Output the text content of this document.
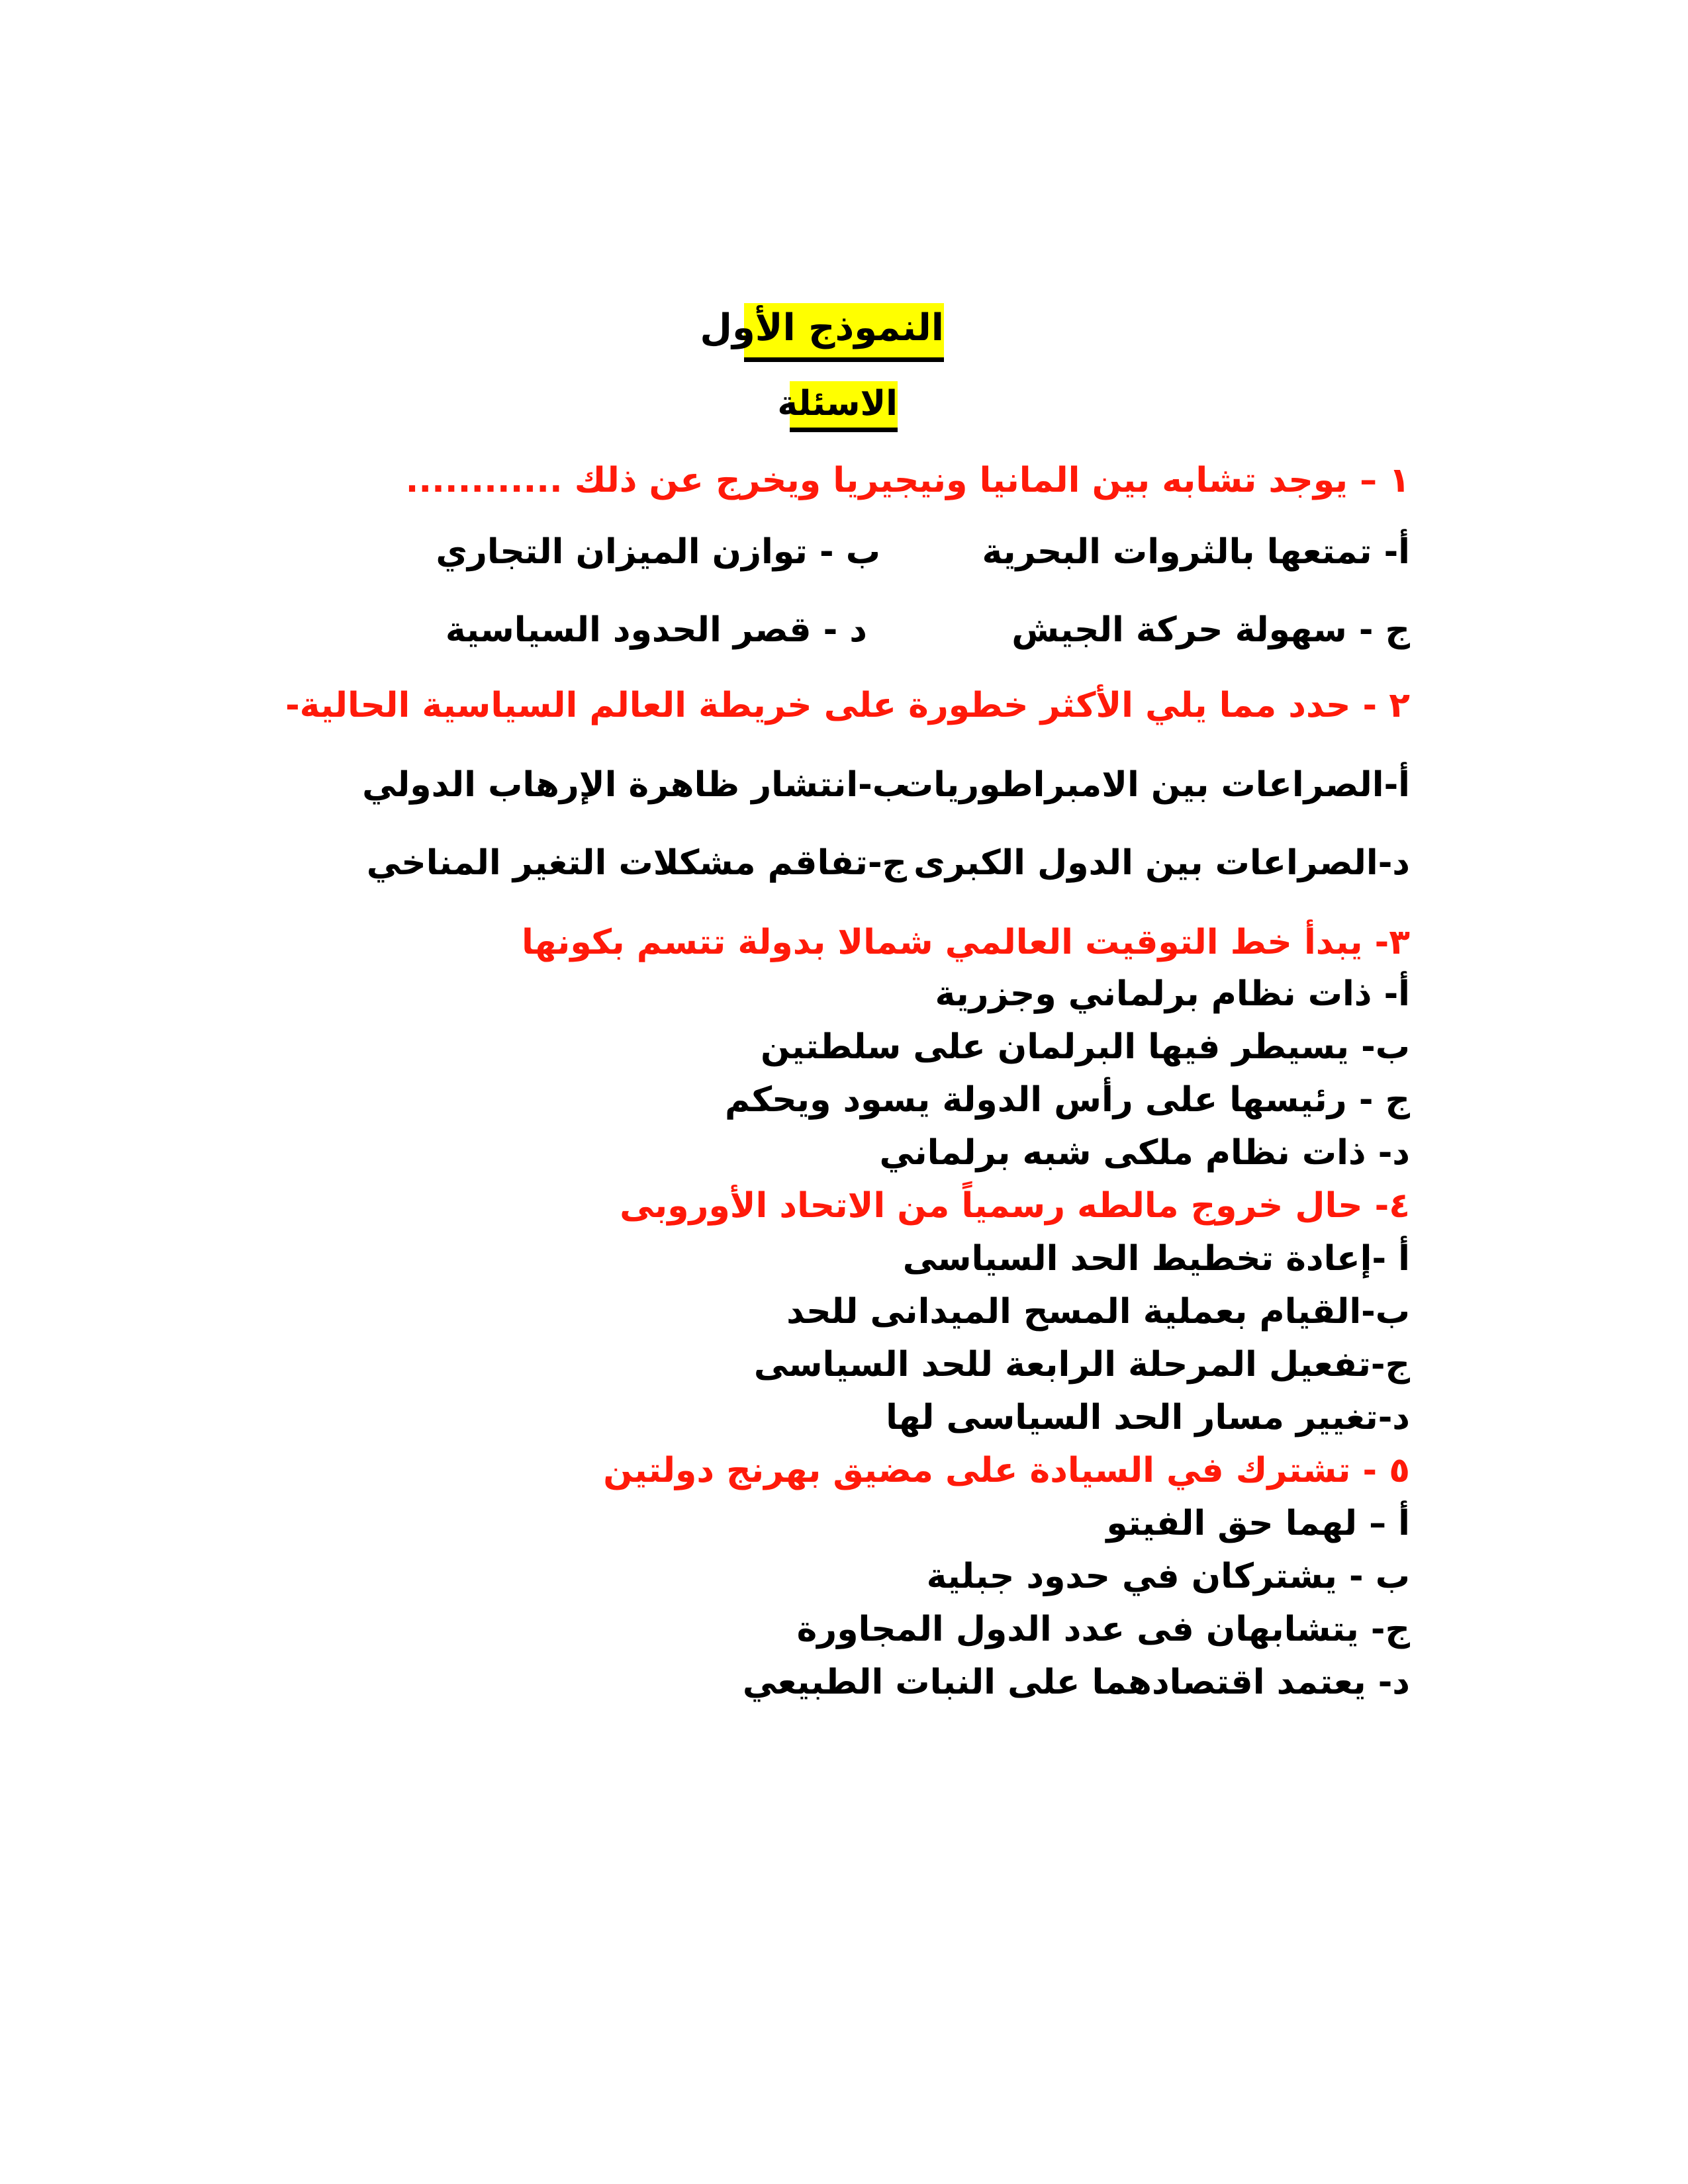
النموذج الأول
الاسئلة
١ – يوجد تشابه بين المانيا ونيجيريا ويخرج عن ذلك ............
أ- تمتعها بالثروات البحرية
ب - توازن الميزان التجاري
ج - سهولة حركة الجيش
د - قصر الحدود السياسية
٢ - حدد مما يلي الأكثر خطورة على خريطة العالم السياسية الحالية-
أ-الصراعات بين الامبراطوريات
ب-انتشار ظاهرة الإرهاب الدولي
د-الصراعات بين الدول الكبرى
ج-تفاقم مشكلات التغير المناخي
٣- يبدأ خط التوقيت العالمي شمالا بدولة تتسم بكونها
أ- ذات نظام برلماني وجزرية
ب- يسيطر فيها البرلمان على سلطتين
ج - رئيسها على رأس الدولة يسود ويحكم
د- ذات نظام ملكى شبه برلماني
٤- حال خروج مالطه رسمياً من الاتحاد الأوروبى
أ -إعادة تخطيط الحد السياسى
ب-القيام بعملية المسح الميدانى للحد
ج-تفعيل المرحلة الرابعة للحد السياسى
د-تغيير مسار الحد السياسى لها
٥ - تشترك في السيادة على مضيق بهرنج دولتين
أ – لهما حق الفيتو
ب - يشتركان في حدود جبلية
ج- يتشابهان فى عدد الدول المجاورة
د- يعتمد اقتصادهما على النبات الطبيعي
